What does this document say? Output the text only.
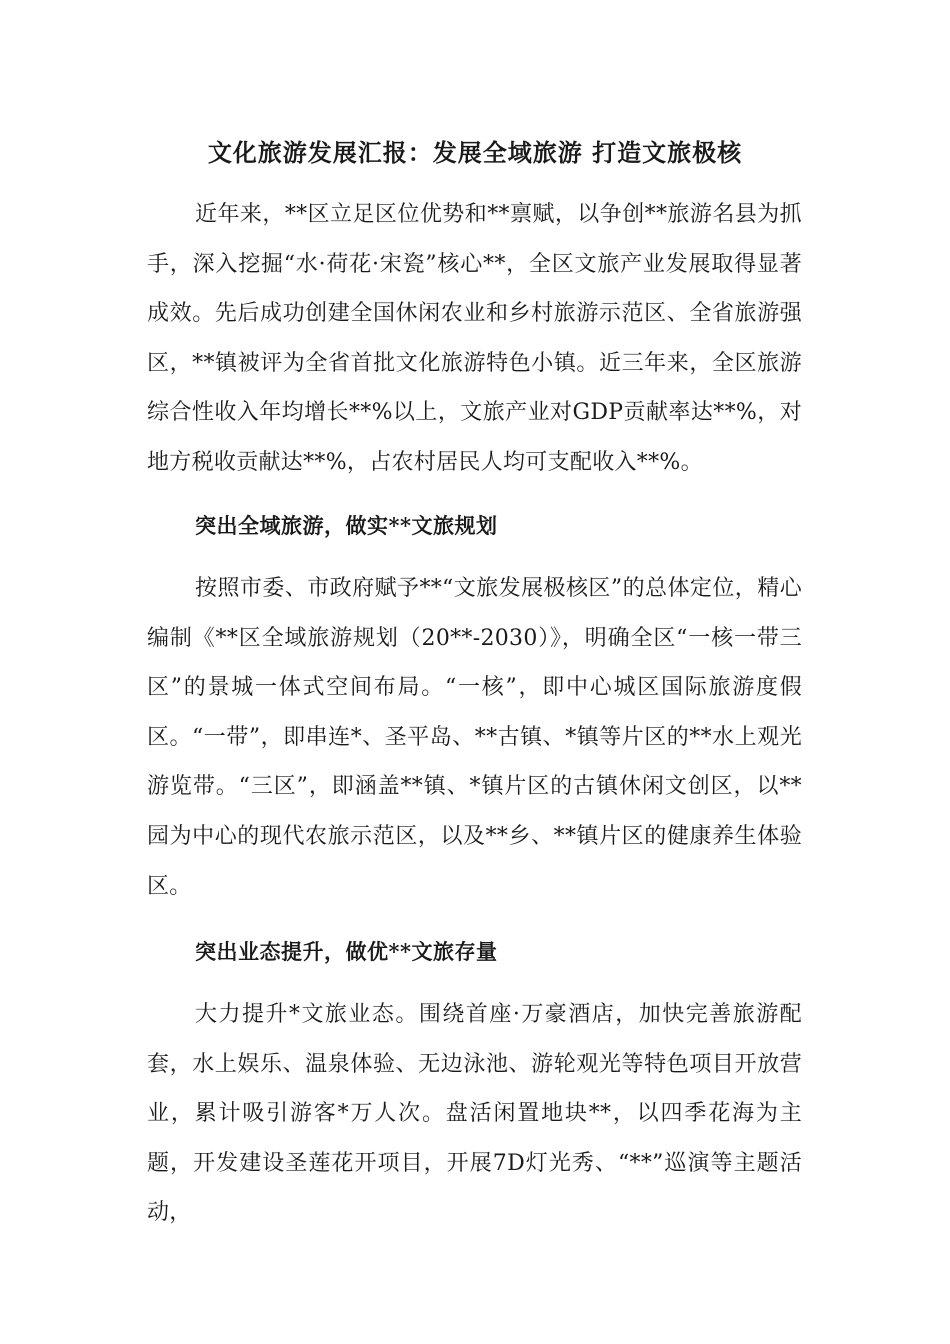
文化旅游发展汇报：发展全域旅游 打造文旅极核

近年来，**区立足区位优势和**禀赋，以争创**旅游名县为抓手，深入挖掘“水·荷花·宋瓷”核心**，全区文旅产业发展取得显著成效。先后成功创建全国休闲农业和乡村旅游示范区、全省旅游强区，**镇被评为全省首批文化旅游特色小镇。近三年来，全区旅游综合性收入年均增长**%以上，文旅产业对GDP贡献率达**%，对地方税收贡献达**%，占农村居民人均可支配收入**%。

突出全域旅游，做实**文旅规划

按照市委、市政府赋予**“文旅发展极核区”的总体定位，精心编制《**区全域旅游规划（20**-2030）》，明确全区“一核一带三区”的景城一体式空间布局。“一核”，即中心城区国际旅游度假区。“一带”，即串连*、圣平岛、**古镇、*镇等片区的**水上观光游览带。“三区”，即涵盖**镇、*镇片区的古镇休闲文创区，以**园为中心的现代农旅示范区，以及**乡、**镇片区的健康养生体验区。

突出业态提升，做优**文旅存量

大力提升*文旅业态。围绕首座·万豪酒店，加快完善旅游配套，水上娱乐、温泉体验、无边泳池、游轮观光等特色项目开放营业，累计吸引游客*万人次。盘活闲置地块**，以四季花海为主题，开发建设圣莲花开项目，开展7D灯光秀、“**”巡演等主题活动，
